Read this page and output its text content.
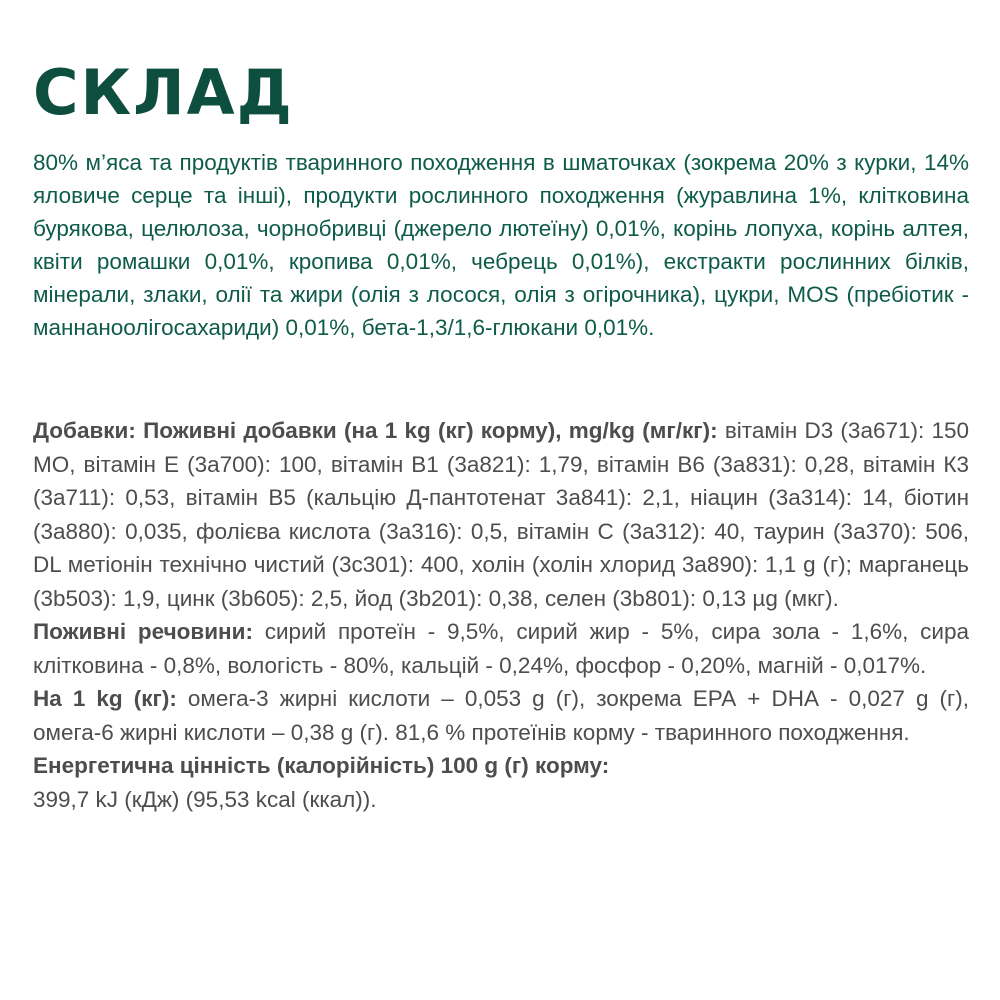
СКЛАД

80% м’яса та продуктів тваринного походження в шматочках (зокрема 20% з курки, 14% яловиче серце та інші), продукти рослинного походження (журавлина 1%, клітковина бурякова, целюлоза, чорнобривці (джерело лютеїну) 0,01%, корінь лопуха, корінь алтея, квіти ромашки 0,01%, кропива 0,01%, чебрець 0,01%), екстракти рослинних білків, мінерали, злаки, олії та жири (олія з лосося, олія з огірочника), цукри, MOS (пребіотик - маннаноолігосахариди) 0,01%, бета-1,3/1,6-глюкани 0,01%.

Добавки: Поживні добавки (на 1 kg (кг) корму), mg/kg (мг/кг): вітамін D3 (3a671): 150 МО, вітамін Е (3a700): 100, вітамін В1 (3a821): 1,79, вітамін В6 (3a831): 0,28, вітамін К3 (3a711): 0,53, вітамін В5 (кальцію Д-пантотенат 3a841): 2,1, ніацин (3a314): 14, біотин (3a880): 0,035, фолієва кислота (3a316): 0,5, вітамін С (3a312): 40, таурин (3a370): 506, DL метіонін технічно чистий (3c301): 400, холін (холін хлорид 3a890): 1,1 g (г); марганець (3b503): 1,9, цинк (3b605): 2,5, йод (3b201): 0,38, селен (3b801): 0,13 µg (мкг).

Поживні речовини: сирий протеїн - 9,5%, сирий жир - 5%, сира зола - 1,6%, сира клітковина - 0,8%, вологість - 80%, кальцій - 0,24%, фосфор - 0,20%, магній - 0,017%.

На 1 kg (кг): омега-3 жирні кислоти – 0,053 g (г), зокрема ЕРА + DНА - 0,027 g (г), омега-6 жирні кислоти – 0,38 g (г). 81,6 % протеїнів корму - тваринного походження.

Енергетична цінність (калорійність) 100 g (г) корму:
399,7 kJ (кДж) (95,53 kcal (ккал)).
